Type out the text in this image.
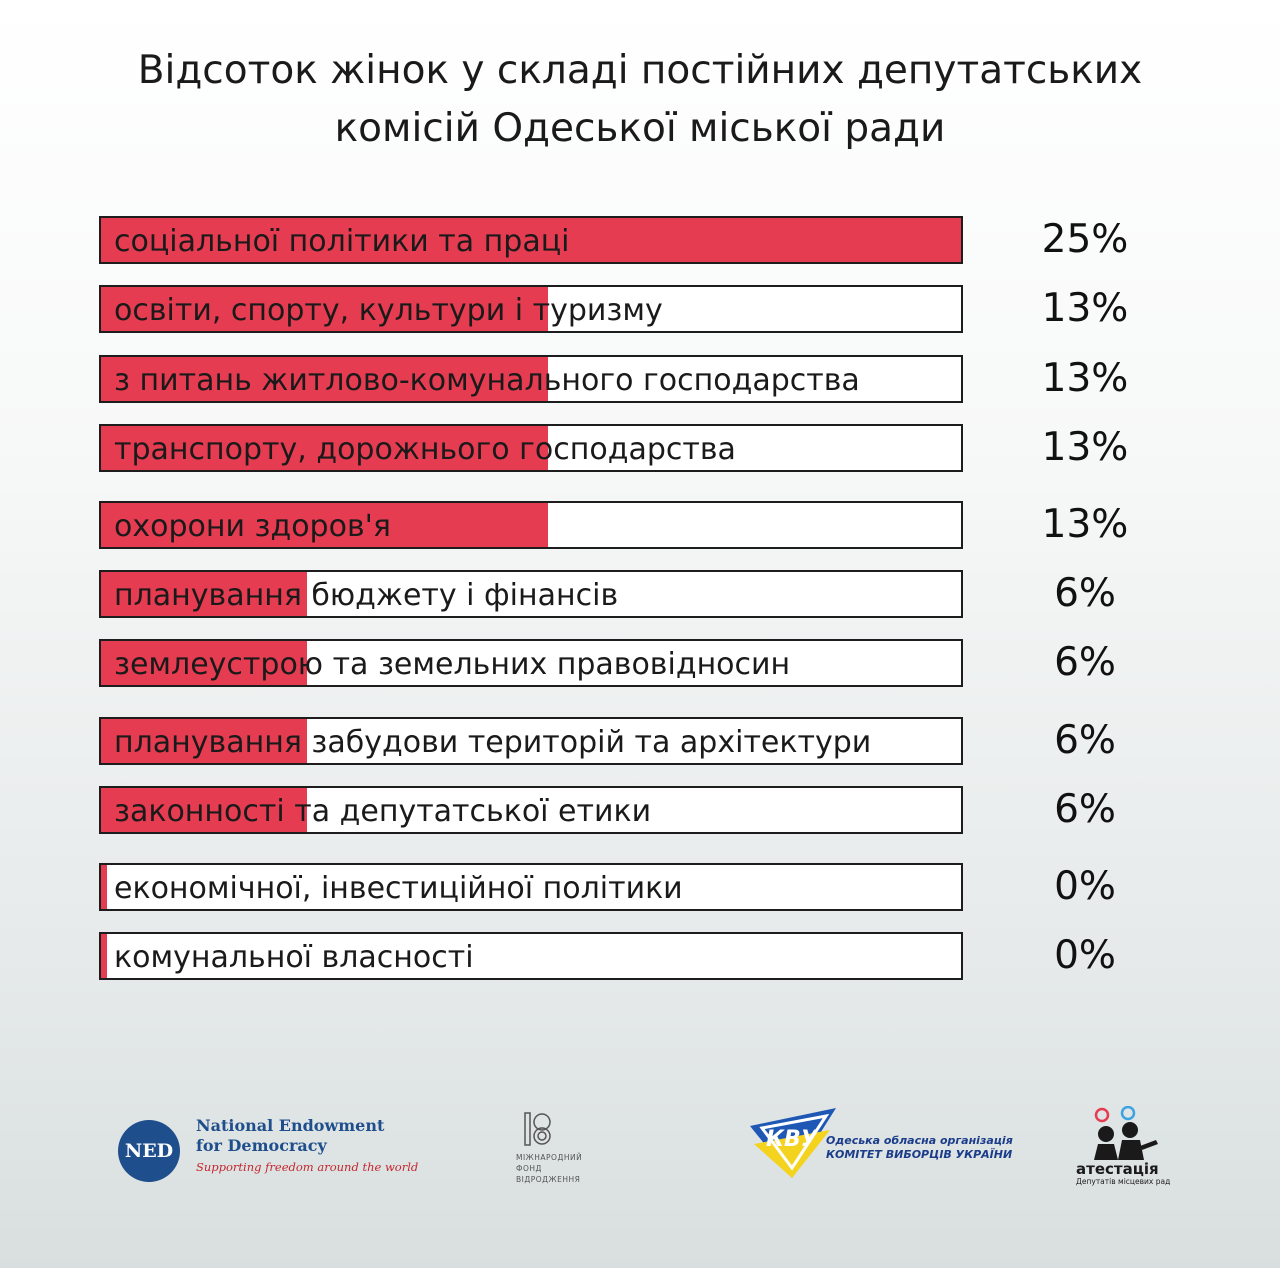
Відсоток жінок у складі постійних депутатських
комісій Одеської міської ради
соціальної політики та праці	25%
освіти, спорту, культури і туризму	13%
з питань житлово-комунального господарства	13%
транспорту, дорожнього господарства	13%
охорони здоров'я	13%
планування бюджету і фінансів	6%
землеустрою та земельних правовідносин	6%
планування забудови територій та архітектури	6%
законності та депутатської етики	6%
економічної, інвестиційної політики	0%
комунальної власності	0%
NED
National Endowment
for Democracy
Supporting freedom around the world
МІЖНАРОДНИЙ
ФОНД
ВІДРОДЖЕННЯ
КВУ Одеська обласна організація
КОМІТЕТ ВИБОРЦІВ УКРАЇНИ
атестація
Депутатів місцевих рад
